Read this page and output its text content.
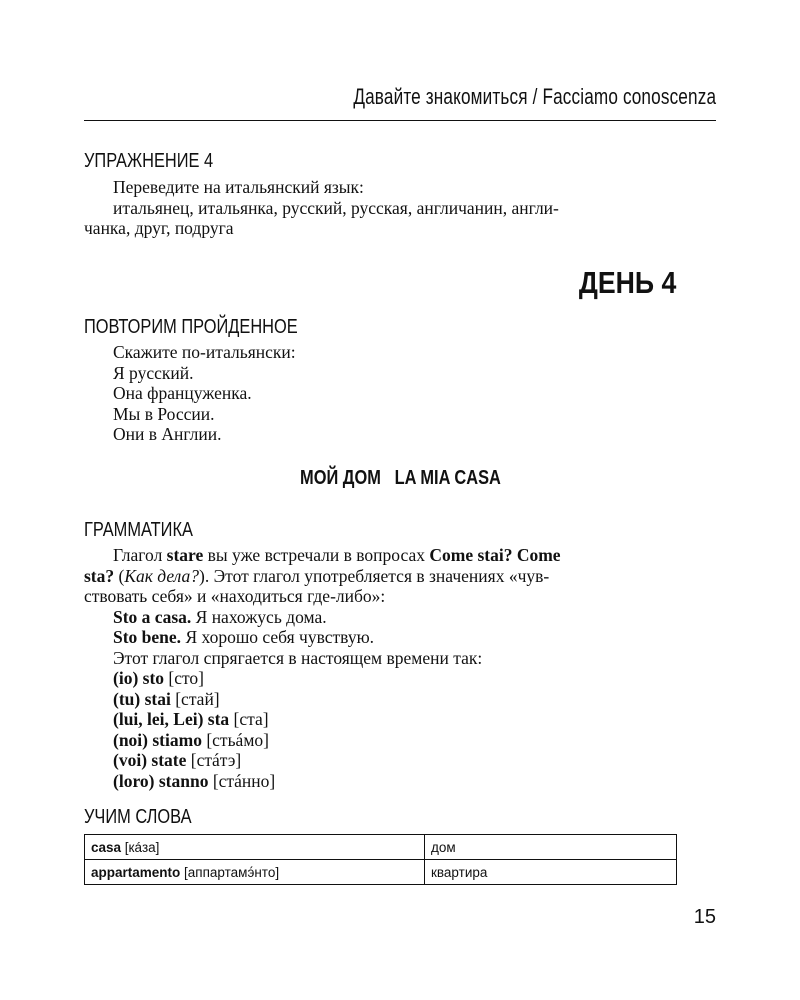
Давайте знакомиться / Facciamo conoscenza
УПРАЖНЕНИЕ 4
Переведите на итальянский язык:
итальянец, итальянка, русский, русская, англичанин, англи-
чанка, друг, подруга
ДЕНЬ 4
ПОВТОРИМ ПРОЙДЕННОЕ
Скажите по-итальянски:
Я русский.
Она француженка.
Мы в России.
Они в Англии.
МОЙ ДОМ   LA MIA CASA
ГРАММАТИКА
Глагол stare вы уже встречали в вопросах Come stai? Come
sta? (Как дела?). Этот глагол употребляется в значениях «чув-
ствовать себя» и «находиться где-либо»:
Sto a casa. Я нахожусь дома.
Sto bene. Я хорошо себя чувствую.
Этот глагол спрягается в настоящем времени так:
(io) sto [сто]
(tu) stai [стай]
(lui, lei, Lei) sta [ста]
(noi) stiamo [стьáмо]
(voi) state [стáтэ]
(loro) stanno [стáнно]
УЧИМ СЛОВА
casa [кáза]	дом
appartamento [аппартамэ́нто]	квартира
15
